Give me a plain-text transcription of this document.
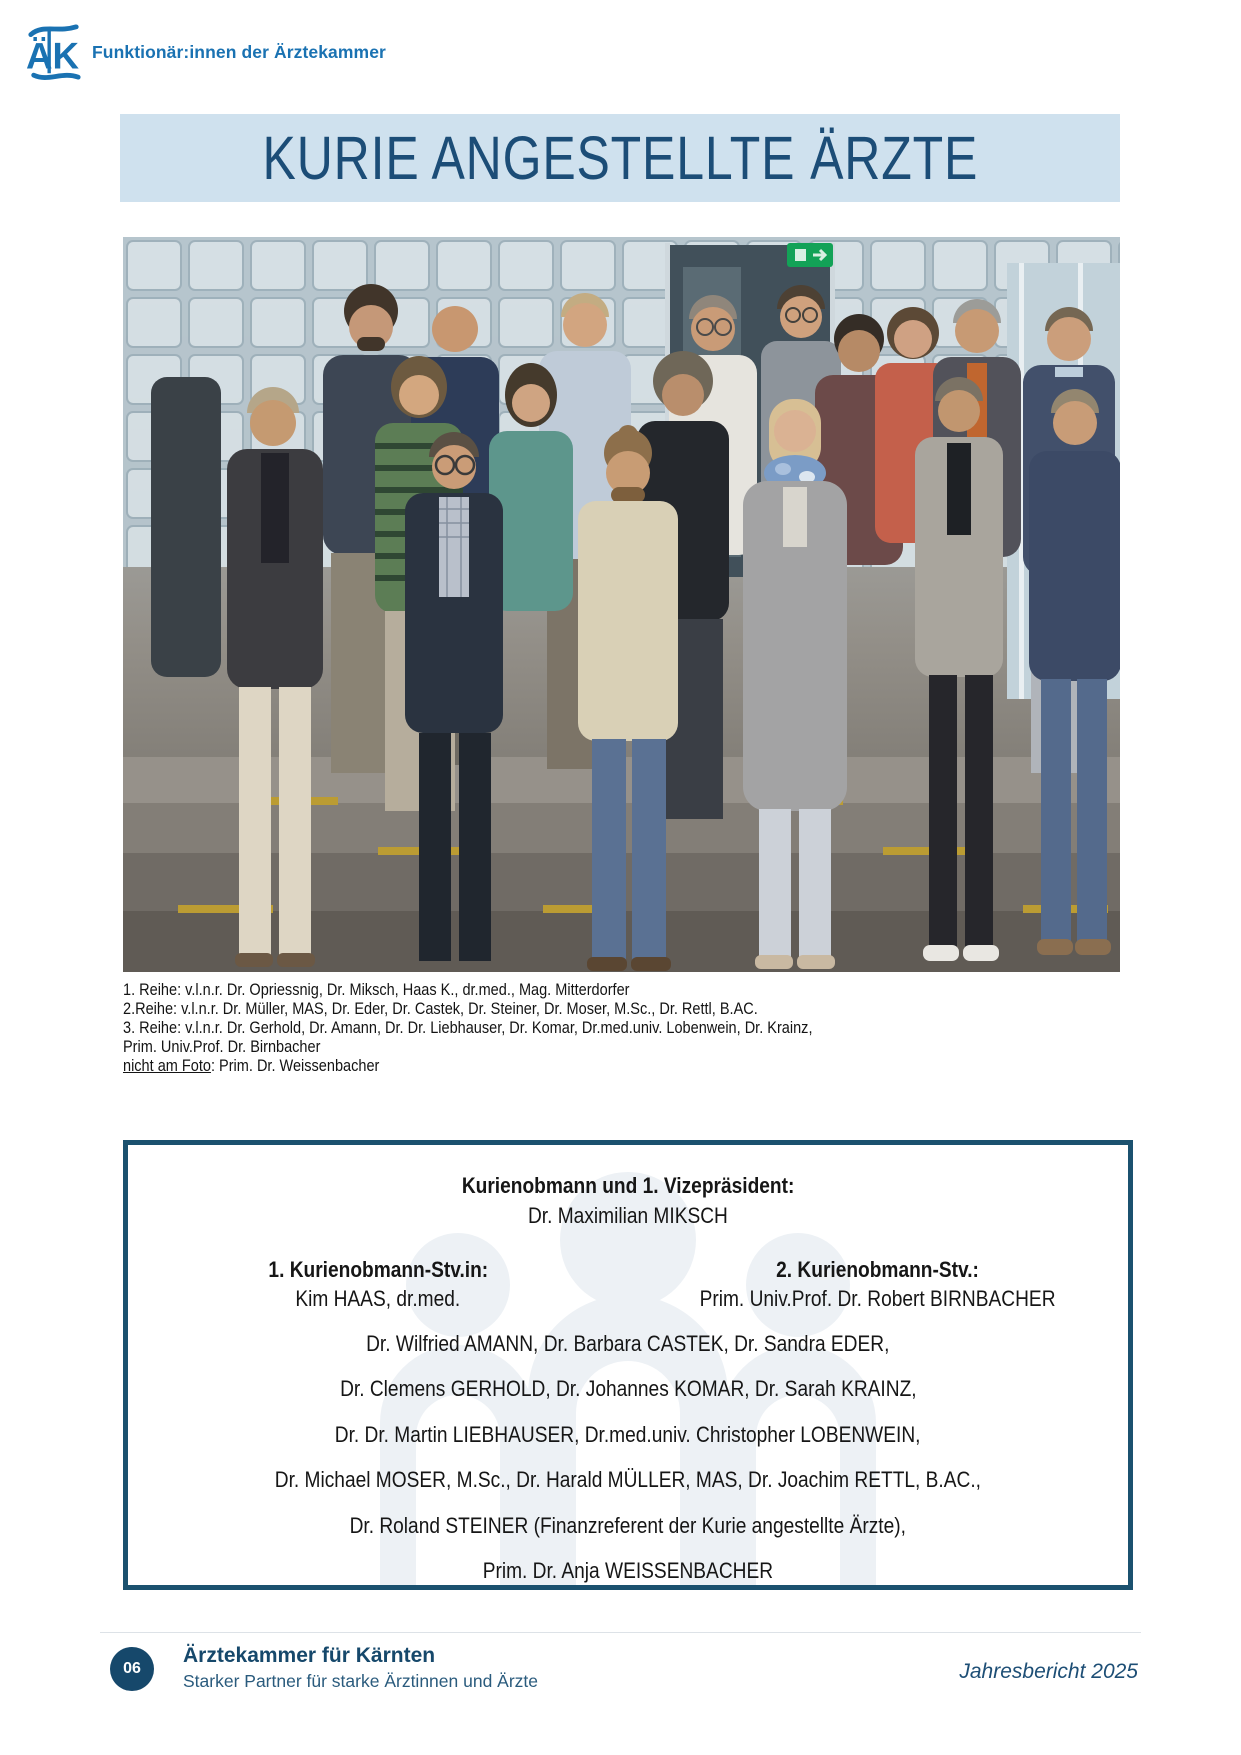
ÄK Funktionär:innen der Ärztekammer
KURIE ANGESTELLTE ÄRZTE
1. Reihe: v.l.n.r. Dr. Opriessnig, Dr. Miksch, Haas K., dr.med., Mag. Mitterdorfer
2.Reihe: v.l.n.r. Dr. Müller, MAS, Dr. Eder, Dr. Castek, Dr. Steiner, Dr. Moser, M.Sc., Dr. Rettl, B.AC.
3. Reihe: v.l.n.r. Dr. Gerhold, Dr. Amann, Dr. Dr. Liebhauser, Dr. Komar, Dr.med.univ. Lobenwein, Dr. Krainz,
Prim. Univ.Prof. Dr. Birnbacher
nicht am Foto: Prim. Dr. Weissenbacher
Kurienobmann und 1. Vizepräsident:
Dr. Maximilian MIKSCH
1. Kurienobmann-Stv.in:
Kim HAAS, dr.med.
2. Kurienobmann-Stv.:
Prim. Univ.Prof. Dr. Robert BIRNBACHER
Dr. Wilfried AMANN, Dr. Barbara CASTEK, Dr. Sandra EDER,
Dr. Clemens GERHOLD, Dr. Johannes KOMAR, Dr. Sarah KRAINZ,
Dr. Dr. Martin LIEBHAUSER, Dr.med.univ. Christopher LOBENWEIN,
Dr. Michael MOSER, M.Sc., Dr. Harald MÜLLER, MAS, Dr. Joachim RETTL, B.AC.,
Dr. Roland STEINER (Finanzreferent der Kurie angestellte Ärzte),
Prim. Dr. Anja WEISSENBACHER
06
Ärztekammer für Kärnten
Starker Partner für starke Ärztinnen und Ärzte	Jahresbericht 2025
